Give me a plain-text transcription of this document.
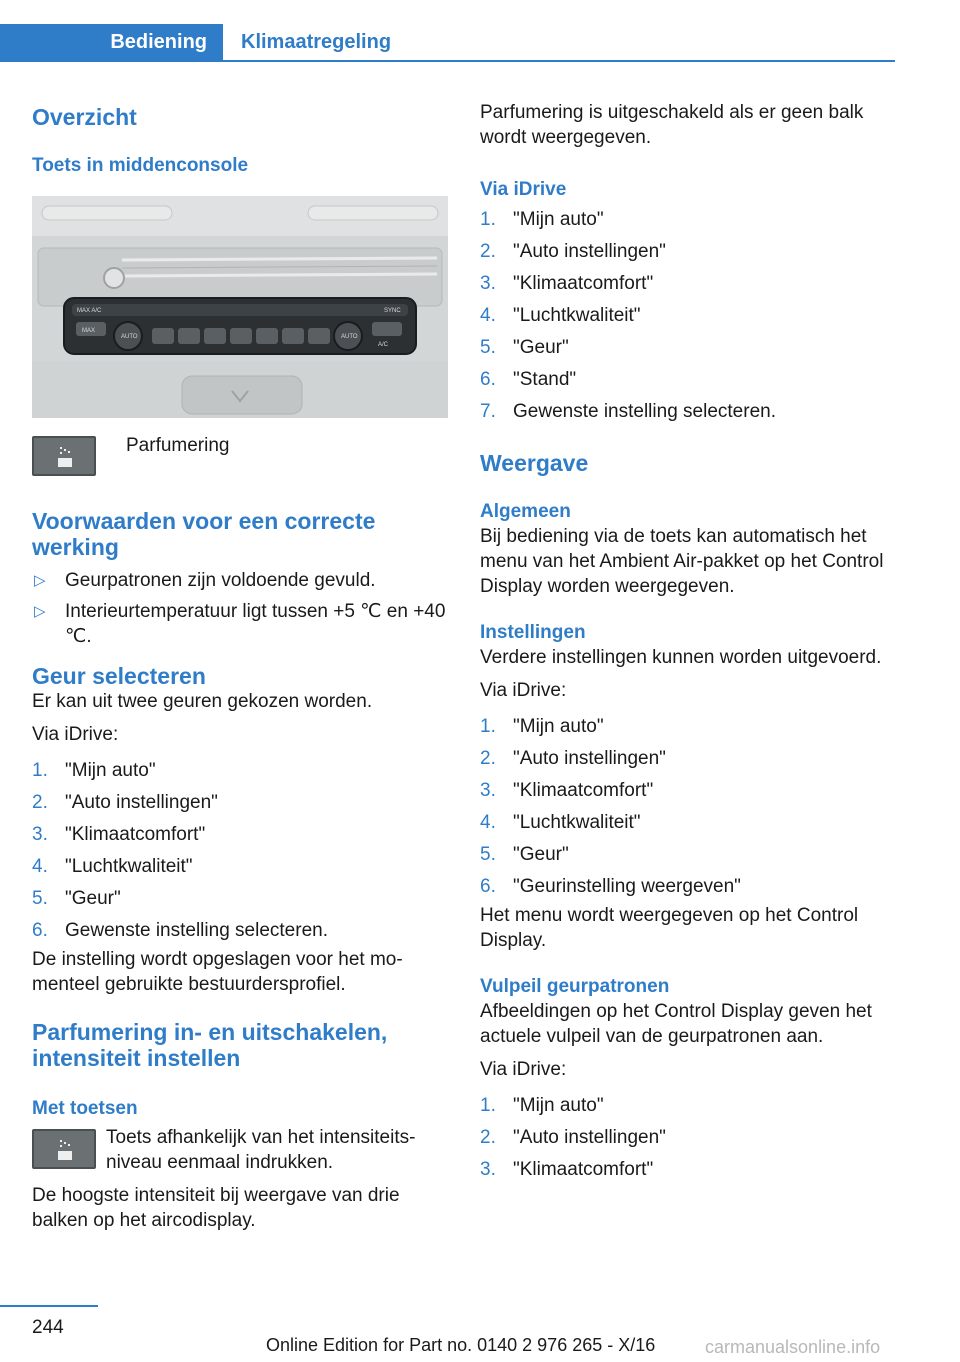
Bediening	Klimaatregeling
Overzicht
Toets in middenconsole
MAX A/C
AUTO	AUTO
SYNC
A/C
MAX

Parfumering

Voorwaarden voor een correcte werking
▷ Geurpatronen zijn voldoende gevuld.
▷ Interieurtemperatuur ligt tussen +5 ℃ en +40 ℃.
Geur selecteren

Er kan uit twee geuren gekozen worden.

Via iDrive:

1. "Mijn auto"
2. "Auto instellingen"
3. "Klimaatcomfort"
4. "Luchtkwaliteit"
5. "Geur"
6. Gewenste instelling selecteren.

De instelling wordt opgeslagen voor het momenteel gebruikte bestuurdersprofiel.

Parfumering in- en uitschakelen, intensiteit instellen
Met toetsen

Toets afhankelijk van het intensiteitsniveau eenmaal indrukken.

De hoogste intensiteit bij weergave van drie balken op het aircodisplay.

Parfumering is uitgeschakeld als er geen balk wordt weergegeven.

Via iDrive
1. "Mijn auto"
2. "Auto instellingen"
3. "Klimaatcomfort"
4. "Luchtkwaliteit"
5. "Geur"
6. "Stand"
7. Gewenste instelling selecteren.
Weergave
Algemeen

Bij bediening via de toets kan automatisch het menu van het Ambient Air-pakket op het Control Display worden weergegeven.

Instellingen

Verdere instellingen kunnen worden uitgevoerd.

Via iDrive:

1. "Mijn auto"
2. "Auto instellingen"
3. "Klimaatcomfort"
4. "Luchtkwaliteit"
5. "Geur"
6. "Geurinstelling weergeven"

Het menu wordt weergegeven op het Control Display.

Vulpeil geurpatronen

Afbeeldingen op het Control Display geven het actuele vulpeil van de geurpatronen aan.

Via iDrive:

1. "Mijn auto"
2. "Auto instellingen"
3. "Klimaatcomfort"
244
Online Edition for Part no. 0140 2 976 265 - X/16	carmanualsonline.info
